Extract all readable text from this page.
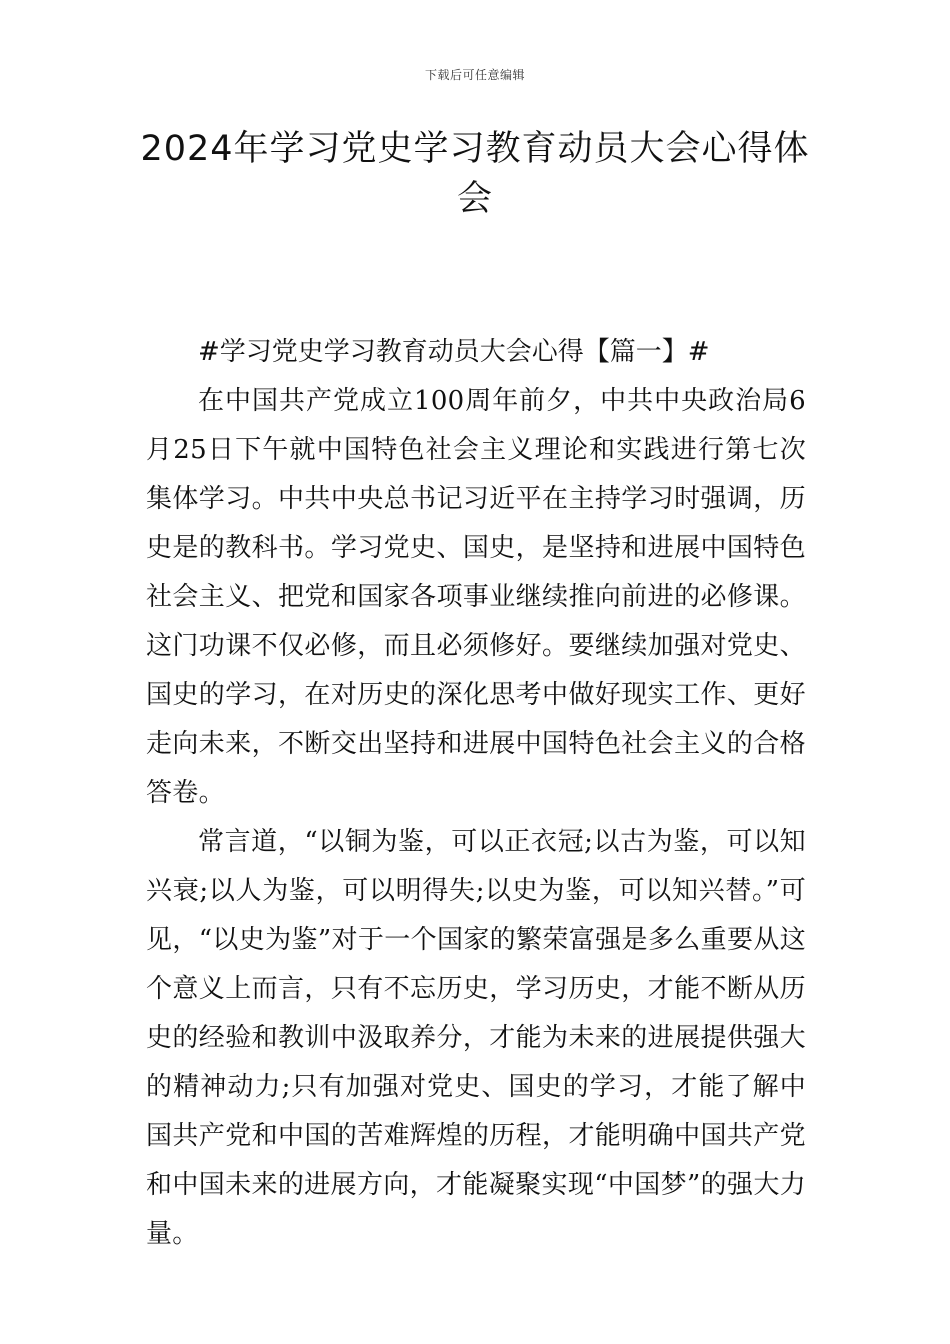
下载后可任意编辑
2024年学习党史学习教育动员大会心得体会

#学习党史学习教育动员大会心得【篇一】#

在中国共产党成立100周年前夕，中共中央政治局6月25日下午就中国特色社会主义理论和实践进行第七次集体学习。中共中央总书记习近平在主持学习时强调，历史是的教科书。学习党史、国史，是坚持和进展中国特色社会主义、把党和国家各项事业继续推向前进的必修课。这门功课不仅必修，而且必须修好。要继续加强对党史、国史的学习，在对历史的深化思考中做好现实工作、更好走向未来，不断交出坚持和进展中国特色社会主义的合格答卷。

常言道，“以铜为鉴，可以正衣冠;以古为鉴，可以知兴衰;以人为鉴，可以明得失;以史为鉴，可以知兴替。”可见，“以史为鉴”对于一个国家的繁荣富强是多么重要从这个意义上而言，只有不忘历史，学习历史，才能不断从历史的经验和教训中汲取养分，才能为未来的进展提供强大的精神动力;只有加强对党史、国史的学习，才能了解中国共产党和中国的苦难辉煌的历程，才能明确中国共产党和中国未来的进展方向，才能凝聚实现“中国梦”的强大力量。
